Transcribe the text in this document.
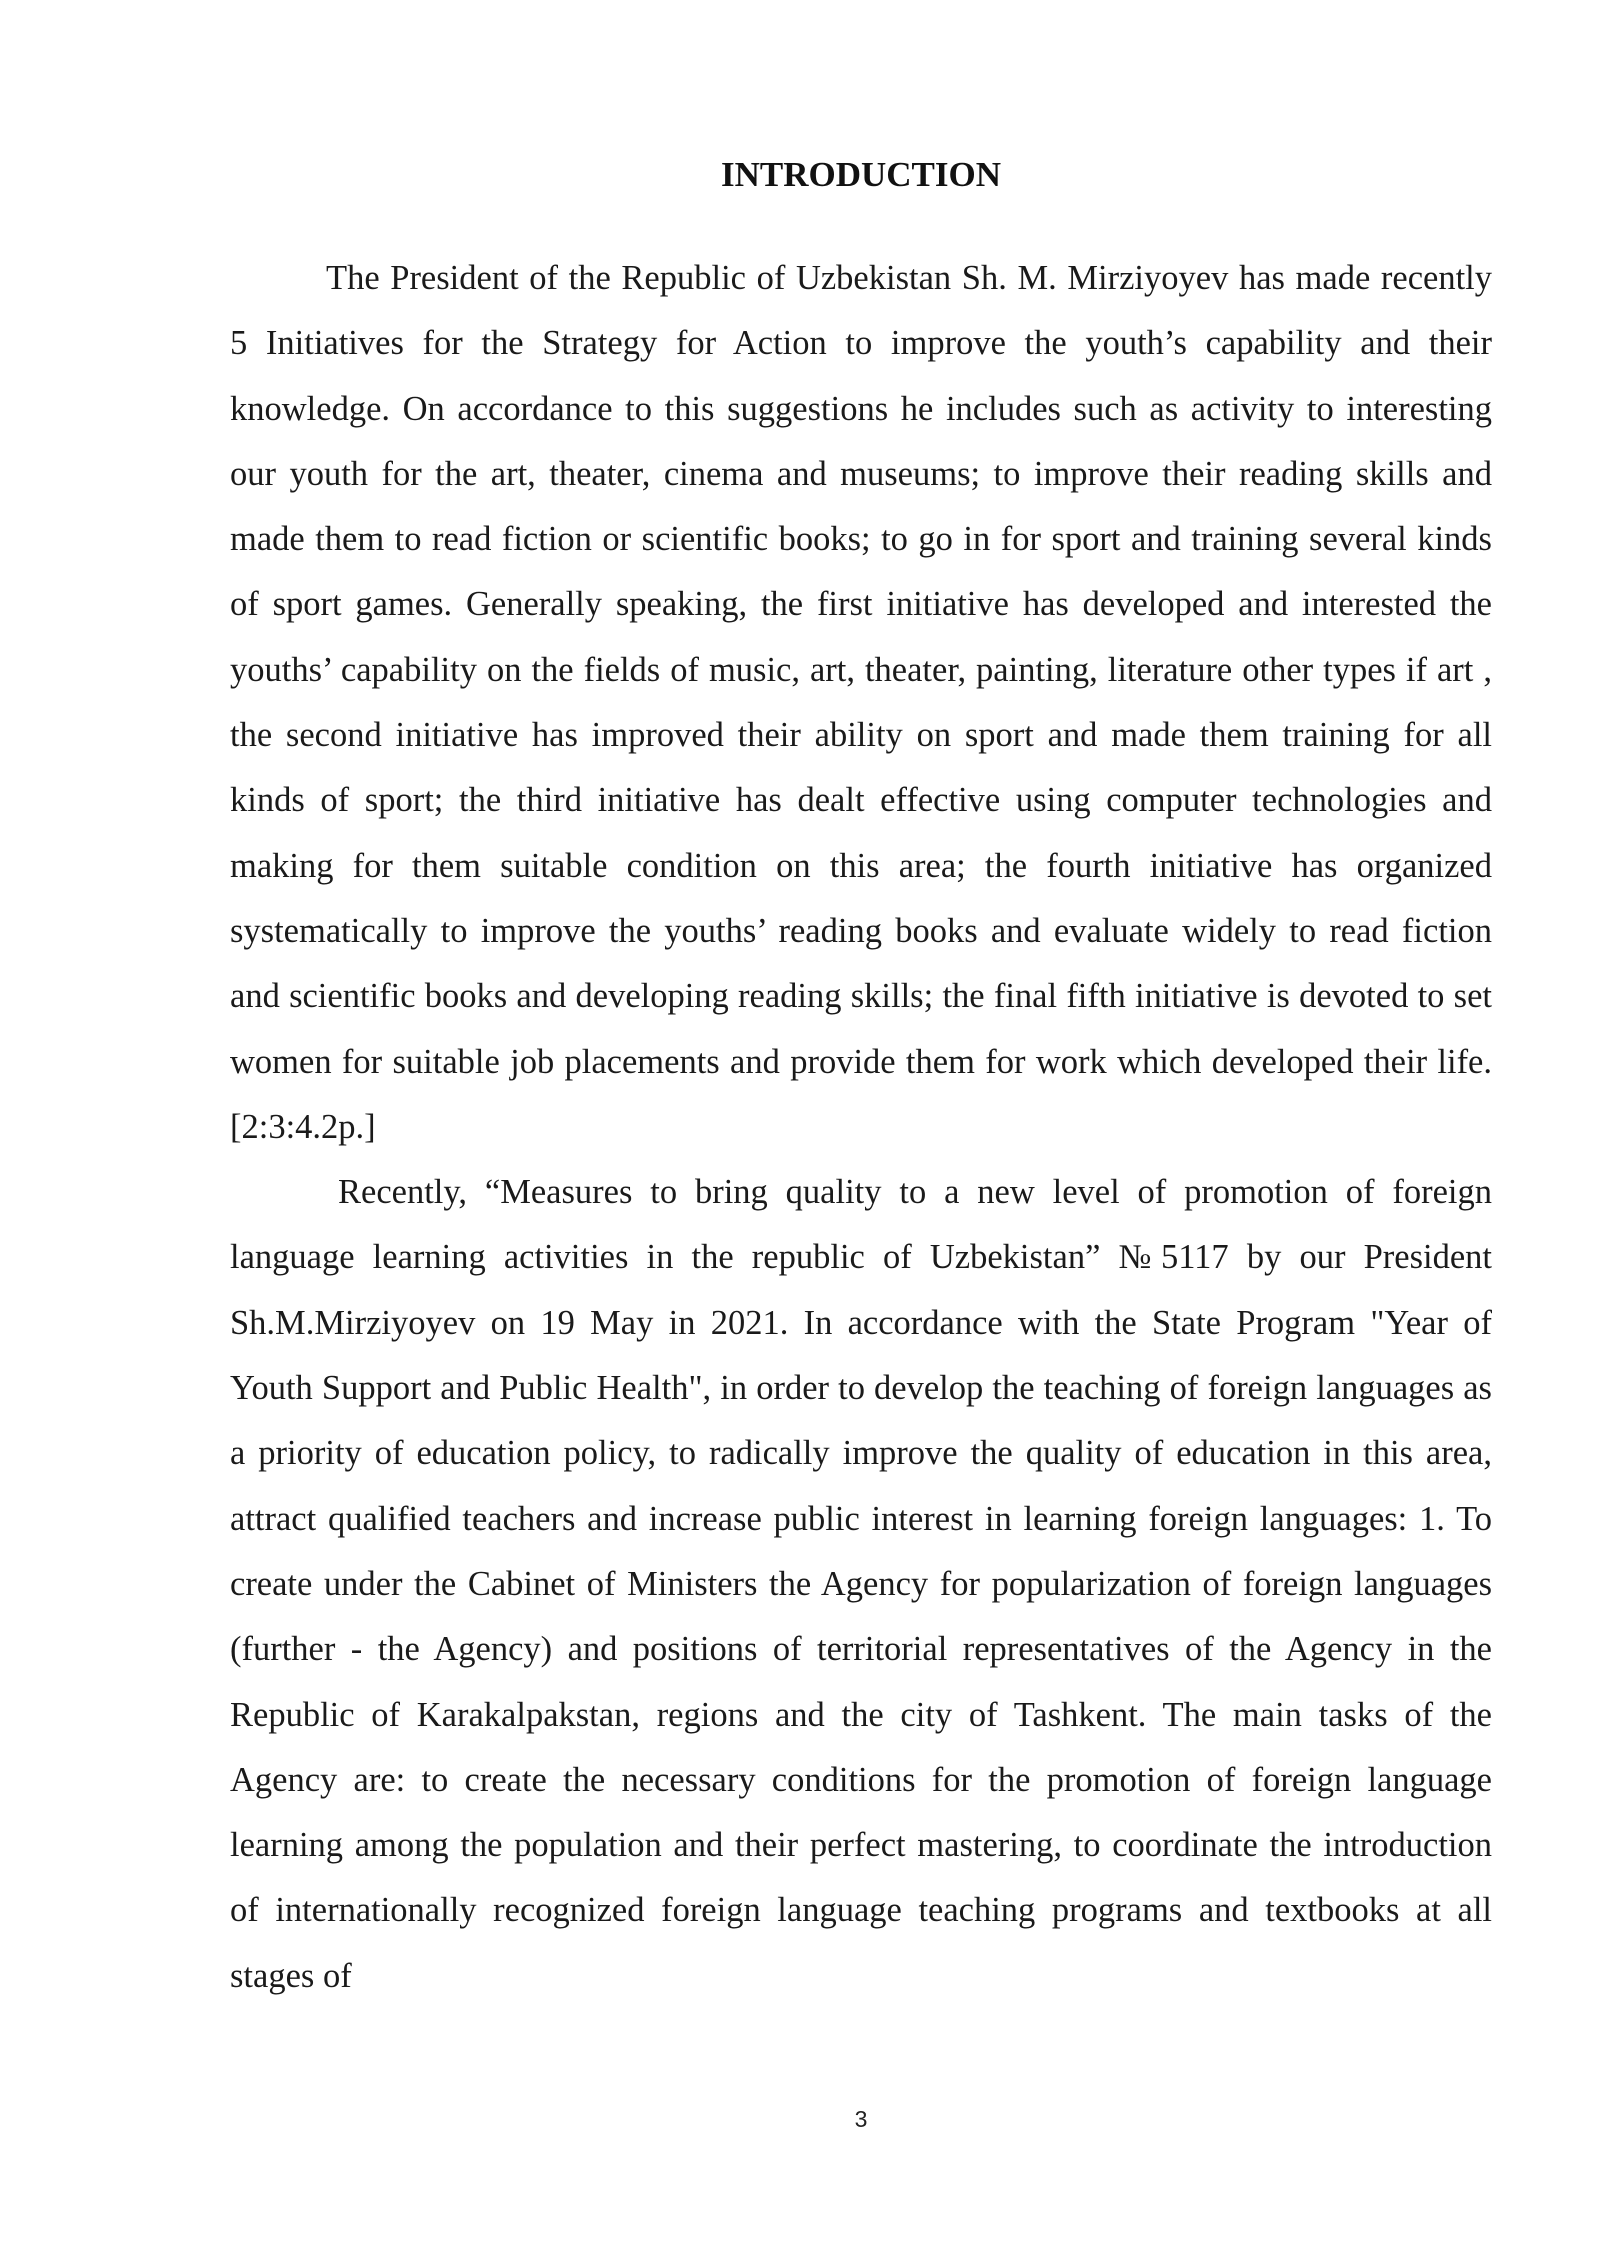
INTRODUCTION

The President of the Republic of Uzbekistan Sh. M. Mirziyoyev has made recently 5 Initiatives for the Strategy for Action to improve the youth’s capability and their knowledge. On accordance to this suggestions he includes such as activity to interesting our youth for the art, theater, cinema and museums; to improve their reading skills and made them to read fiction or scientific books; to go in for sport and training several kinds of sport games. Generally speaking, the first initiative has developed and interested the youths’ capability on the fields of music, art, theater, painting, literature other types if art , the second initiative has improved their ability on sport and made them training for all kinds of sport; the third initiative has dealt effective using computer technologies and making for them suitable condition on this area; the fourth initiative has organized systematically to improve the youths’ reading books and evaluate widely to read fiction and scientific books and developing reading skills; the final fifth initiative is devoted to set women for suitable job placements and provide them for work which developed their life.[2:3:4.2p.]

Recently, “Measures to bring quality to a new level of promotion of foreign language learning activities in the republic of Uzbekistan” №5117 by our President Sh.M.Mirziyoyev on 19 May in 2021. In accordance with the State Program "Year of Youth Support and Public Health", in order to develop the teaching of foreign languages as a priority of education policy, to radically improve the quality of education in this area, attract qualified teachers and increase public interest in learning foreign languages: 1. To create under the Cabinet of Ministers the Agency for popularization of foreign languages (further - the Agency) and positions of territorial representatives of the Agency in the Republic of Karakalpakstan, regions and the city of Tashkent. The main tasks of the Agency are: to create the necessary conditions for the promotion of foreign language learning among the population and their perfect mastering, to coordinate the introduction of internationally recognized foreign language teaching programs and textbooks at all stages of

3
